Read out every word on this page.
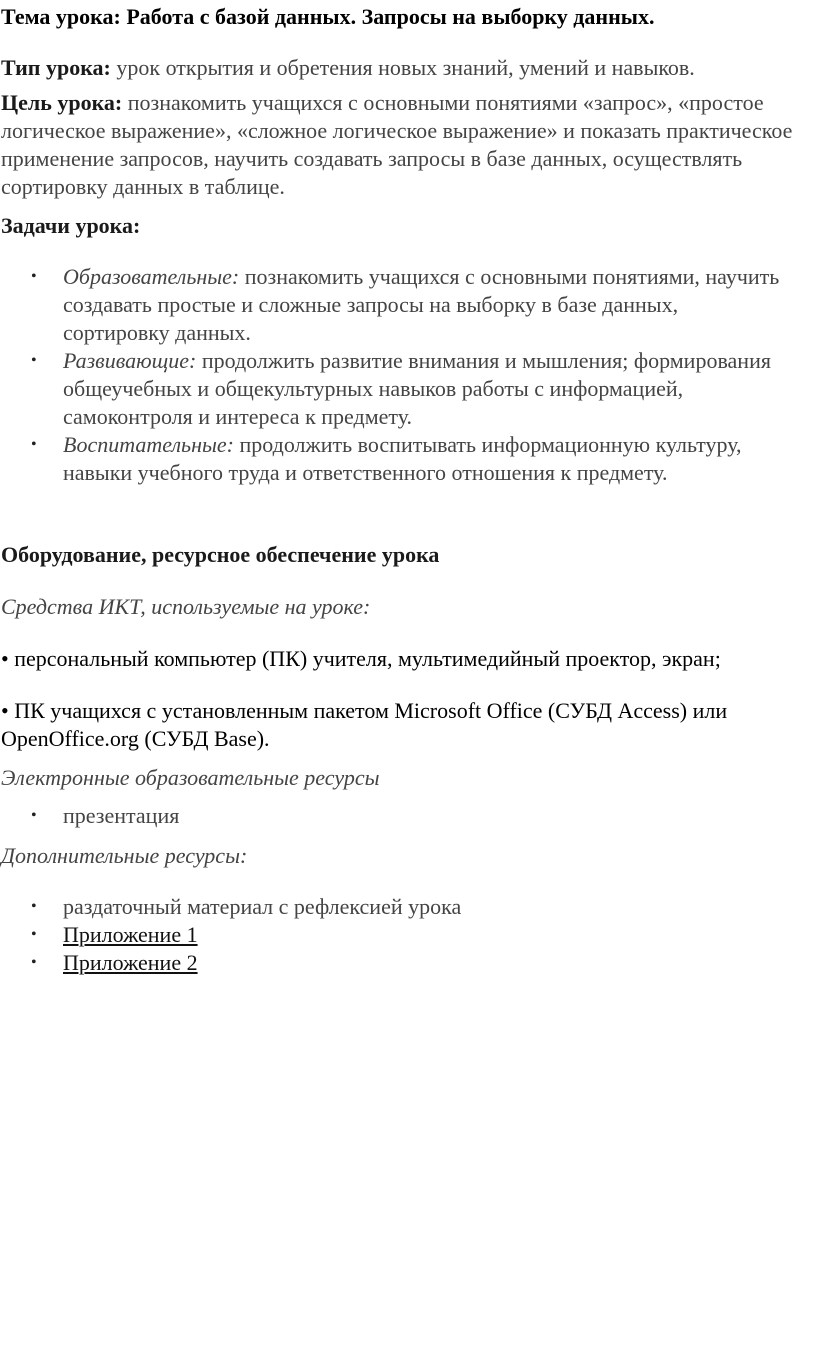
Тема урока: Работа с базой данных. Запросы на выборку данных.
Тип урока: урок открытия и обретения новых знаний, умений и навыков.
Цель урока: познакомить учащихся с основными понятиями «запрос», «простое логическое выражение», «сложное логическое выражение» и показать практическое применение запросов, научить создавать запросы в базе данных, осуществлять сортировку данных в таблице.
Задачи урока:
• Образовательные: познакомить учащихся с основными понятиями, научить создавать простые и сложные запросы на выборку в базе данных, сортировку данных.
• Развивающие: продолжить развитие внимания и мышления; формирования общеучебных и общекультурных навыков работы с информацией, самоконтроля и интереса к предмету.
• Воспитательные: продолжить воспитывать информационную культуру, навыки учебного труда и ответственного отношения к предмету.
Оборудование, ресурсное обеспечение урока
Средства ИКТ, используемые на уроке:
• персональный компьютер (ПК) учителя, мультимедийный проектор, экран;
• ПК учащихся с установленным пакетом Microsoft Office (СУБД Access) или OpenOffice.org (СУБД Base).
Электронные образовательные ресурсы
• презентация
Дополнительные ресурсы:
• раздаточный материал с рефлексией урока
• Приложение 1
• Приложение 2
